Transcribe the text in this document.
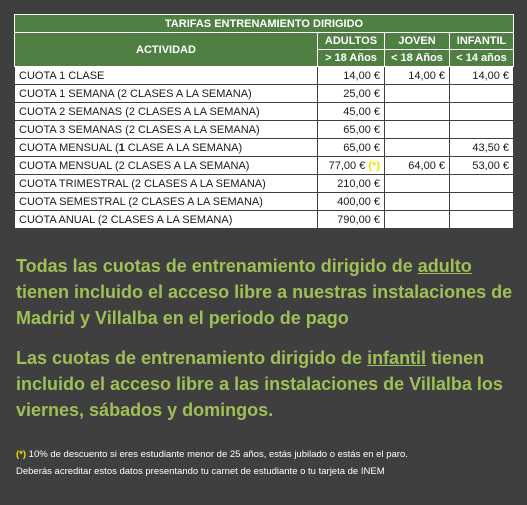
TARIFAS ENTRENAMIENTO DIRIGIDO			
ACTIVIDAD	ADULTOS	JOVEN	INFANTIL
	> 18 Años	< 18 Años	< 14 años
CUOTA 1 CLASE	14,00 €	14,00 €	14,00 €
CUOTA 1 SEMANA (2 CLASES A LA SEMANA)	25,00 €		
CUOTA 2 SEMANAS (2 CLASES A LA SEMANA)	45,00 €		
CUOTA 3 SEMANAS (2 CLASES A LA SEMANA)	65,00 €		
CUOTA MENSUAL (1 CLASE A LA SEMANA)	65,00 €		43,50 €
CUOTA MENSUAL (2 CLASES A LA SEMANA)	77,00 € (*)	64,00 €	53,00 €
CUOTA TRIMESTRAL (2 CLASES A LA SEMANA)	210,00 €		
CUOTA SEMESTRAL (2 CLASES A LA SEMANA)	400,00 €		
CUOTA ANUAL (2 CLASES A LA SEMANA)	790,00 €		
Todas las cuotas de entrenamiento dirigido de adulto tienen incluido el acceso libre a nuestras instalaciones de Madrid y Villalba en el periodo de pago
Las cuotas de entrenamiento dirigido de infantil tienen incluido el acceso libre a las instalaciones de Villalba los viernes, sábados y domingos.
(*) 10% de descuento si eres estudiante menor de 25 años, estás jubilado o estás en el paro.
Deberás acreditar estos datos presentando tu carnet de estudiante o tu tarjeta de INEM
